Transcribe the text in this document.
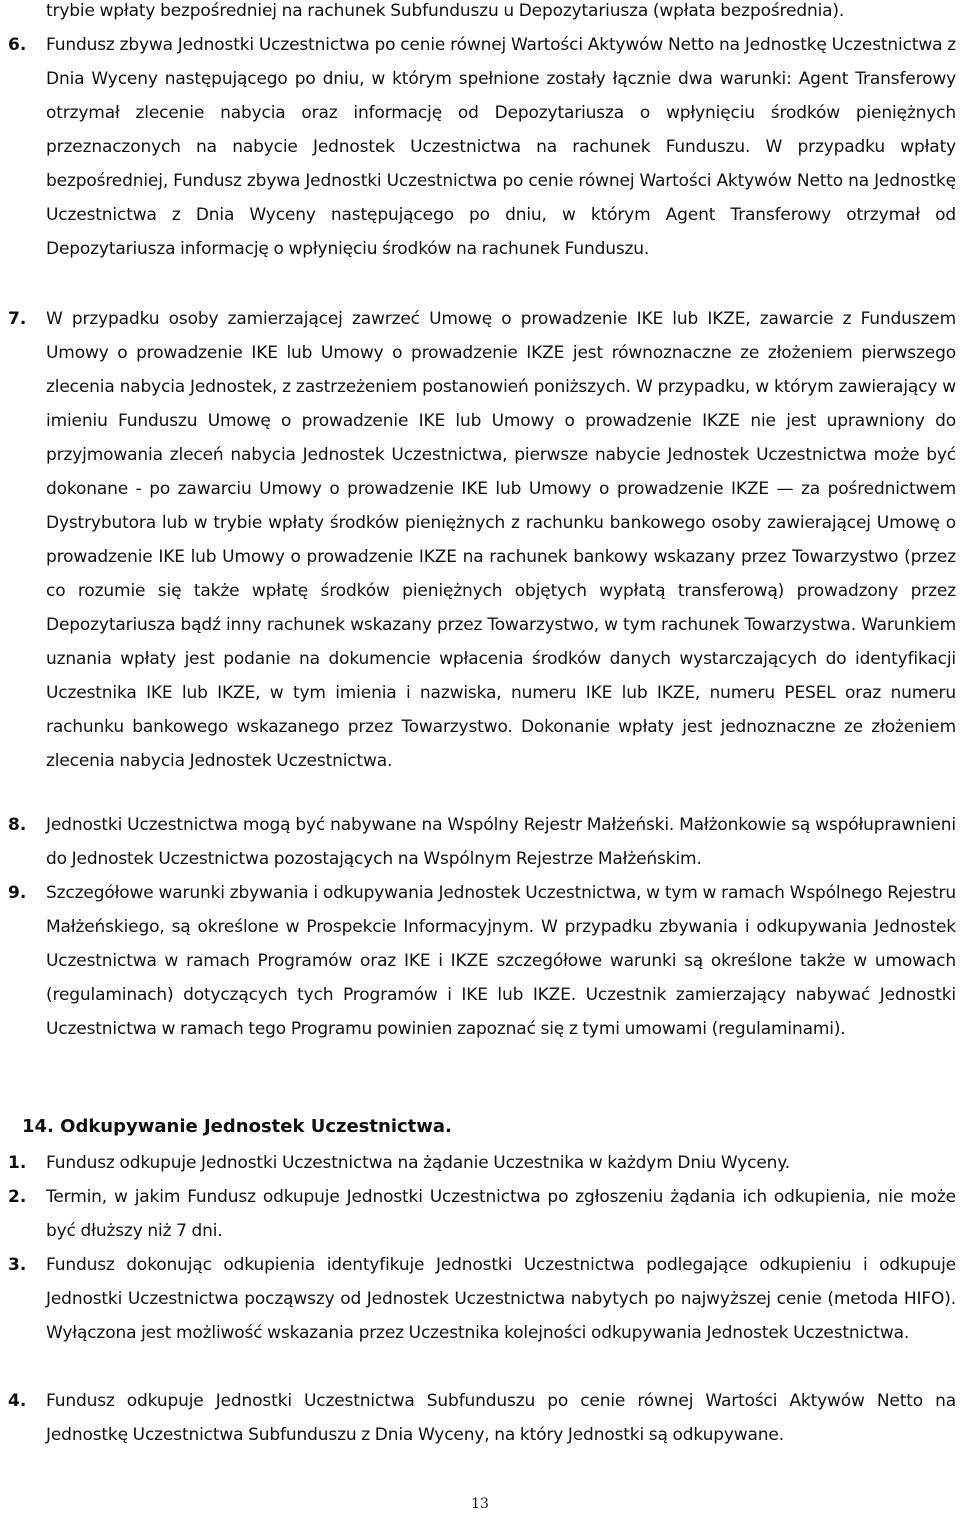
trybie wpłaty bezpośredniej na rachunek Subfunduszu u Depozytariusza (wpłata bezpośrednia).
6. Fundusz zbywa Jednostki Uczestnictwa po cenie równej Wartości Aktywów Netto na Jednostkę Uczestnictwa z Dnia Wyceny następującego po dniu, w którym spełnione zostały łącznie dwa warunki: Agent Transferowy otrzymał zlecenie nabycia oraz informację od Depozytariusza o wpłynięciu środków pieniężnych przeznaczonych na nabycie Jednostek Uczestnictwa na rachunek Funduszu. W przypadku wpłaty bezpośredniej, Fundusz zbywa Jednostki Uczestnictwa po cenie równej Wartości Aktywów Netto na Jednostkę Uczestnictwa z Dnia Wyceny następującego po dniu, w którym Agent Transferowy otrzymał od Depozytariusza informację o wpłynięciu środków na rachunek Funduszu.
7. W przypadku osoby zamierzającej zawrzeć Umowę o prowadzenie IKE lub IKZE, zawarcie z Funduszem Umowy o prowadzenie IKE lub Umowy o prowadzenie IKZE jest równoznaczne ze złożeniem pierwszego zlecenia nabycia Jednostek, z zastrzeżeniem postanowień poniższych. W przypadku, w którym zawierający w imieniu Funduszu Umowę o prowadzenie IKE lub Umowy o prowadzenie IKZE nie jest uprawniony do przyjmowania zleceń nabycia Jednostek Uczestnictwa, pierwsze nabycie Jednostek Uczestnictwa może być dokonane - po zawarciu Umowy o prowadzenie IKE lub Umowy o prowadzenie IKZE — za pośrednictwem Dystrybutora lub w trybie wpłaty środków pieniężnych z rachunku bankowego osoby zawierającej Umowę o prowadzenie IKE lub Umowy o prowadzenie IKZE na rachunek bankowy wskazany przez Towarzystwo (przez co rozumie się także wpłatę środków pieniężnych objętych wypłatą transferową) prowadzony przez Depozytariusza bądź inny rachunek wskazany przez Towarzystwo, w tym rachunek Towarzystwa. Warunkiem uznania wpłaty jest podanie na dokumencie wpłacenia środków danych wystarczających do identyfikacji Uczestnika IKE lub IKZE, w tym imienia i nazwiska, numeru IKE lub IKZE, numeru PESEL oraz numeru rachunku bankowego wskazanego przez Towarzystwo. Dokonanie wpłaty jest jednoznaczne ze złożeniem zlecenia nabycia Jednostek Uczestnictwa.
8. Jednostki Uczestnictwa mogą być nabywane na Wspólny Rejestr Małżeński. Małżonkowie są współuprawnieni do Jednostek Uczestnictwa pozostających na Wspólnym Rejestrze Małżeńskim.
9. Szczegółowe warunki zbywania i odkupywania Jednostek Uczestnictwa, w tym w ramach Wspólnego Rejestru Małżeńskiego, są określone w Prospekcie Informacyjnym. W przypadku zbywania i odkupywania Jednostek Uczestnictwa w ramach Programów oraz IKE i IKZE szczegółowe warunki są określone także w umowach (regulaminach) dotyczących tych Programów i IKE lub IKZE. Uczestnik zamierzający nabywać Jednostki Uczestnictwa w ramach tego Programu powinien zapoznać się z tymi umowami (regulaminami).
14. Odkupywanie Jednostek Uczestnictwa.
1. Fundusz odkupuje Jednostki Uczestnictwa na żądanie Uczestnika w każdym Dniu Wyceny.
2. Termin, w jakim Fundusz odkupuje Jednostki Uczestnictwa po zgłoszeniu żądania ich odkupienia, nie może być dłuższy niż 7 dni.
3. Fundusz dokonując odkupienia identyfikuje Jednostki Uczestnictwa podlegające odkupieniu i odkupuje Jednostki Uczestnictwa począwszy od Jednostek Uczestnictwa nabytych po najwyższej cenie (metoda HIFO). Wyłączona jest możliwość wskazania przez Uczestnika kolejności odkupywania Jednostek Uczestnictwa.
4. Fundusz odkupuje Jednostki Uczestnictwa Subfunduszu po cenie równej Wartości Aktywów Netto na Jednostkę Uczestnictwa Subfunduszu z Dnia Wyceny, na który Jednostki są odkupywane.
13
